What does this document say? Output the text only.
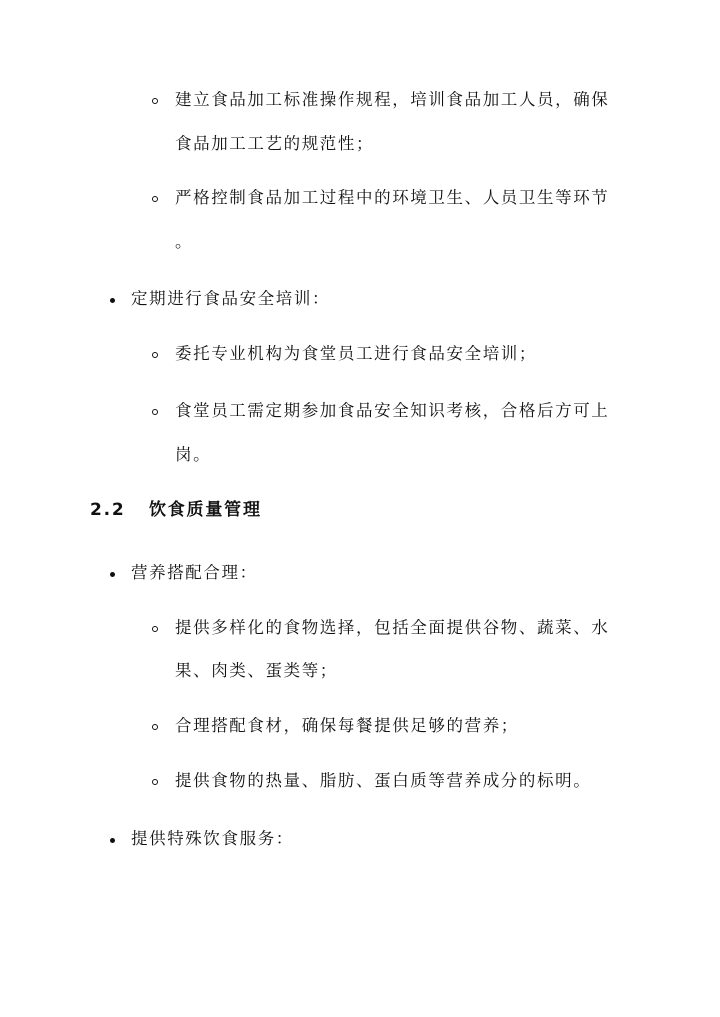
建立食品加工标准操作规程，培训食品加工人员，确保
食品加工工艺的规范性；
严格控制食品加工过程中的环境卫生、人员卫生等环节
。
定期进行食品安全培训：
委托专业机构为食堂员工进行食品安全培训；
食堂员工需定期参加食品安全知识考核，合格后方可上
岗。
2.2 饮食质量管理
营养搭配合理：
提供多样化的食物选择，包括全面提供谷物、蔬菜、水
果、肉类、蛋类等；
合理搭配食材，确保每餐提供足够的营养；
提供食物的热量、脂肪、蛋白质等营养成分的标明。
提供特殊饮食服务：
